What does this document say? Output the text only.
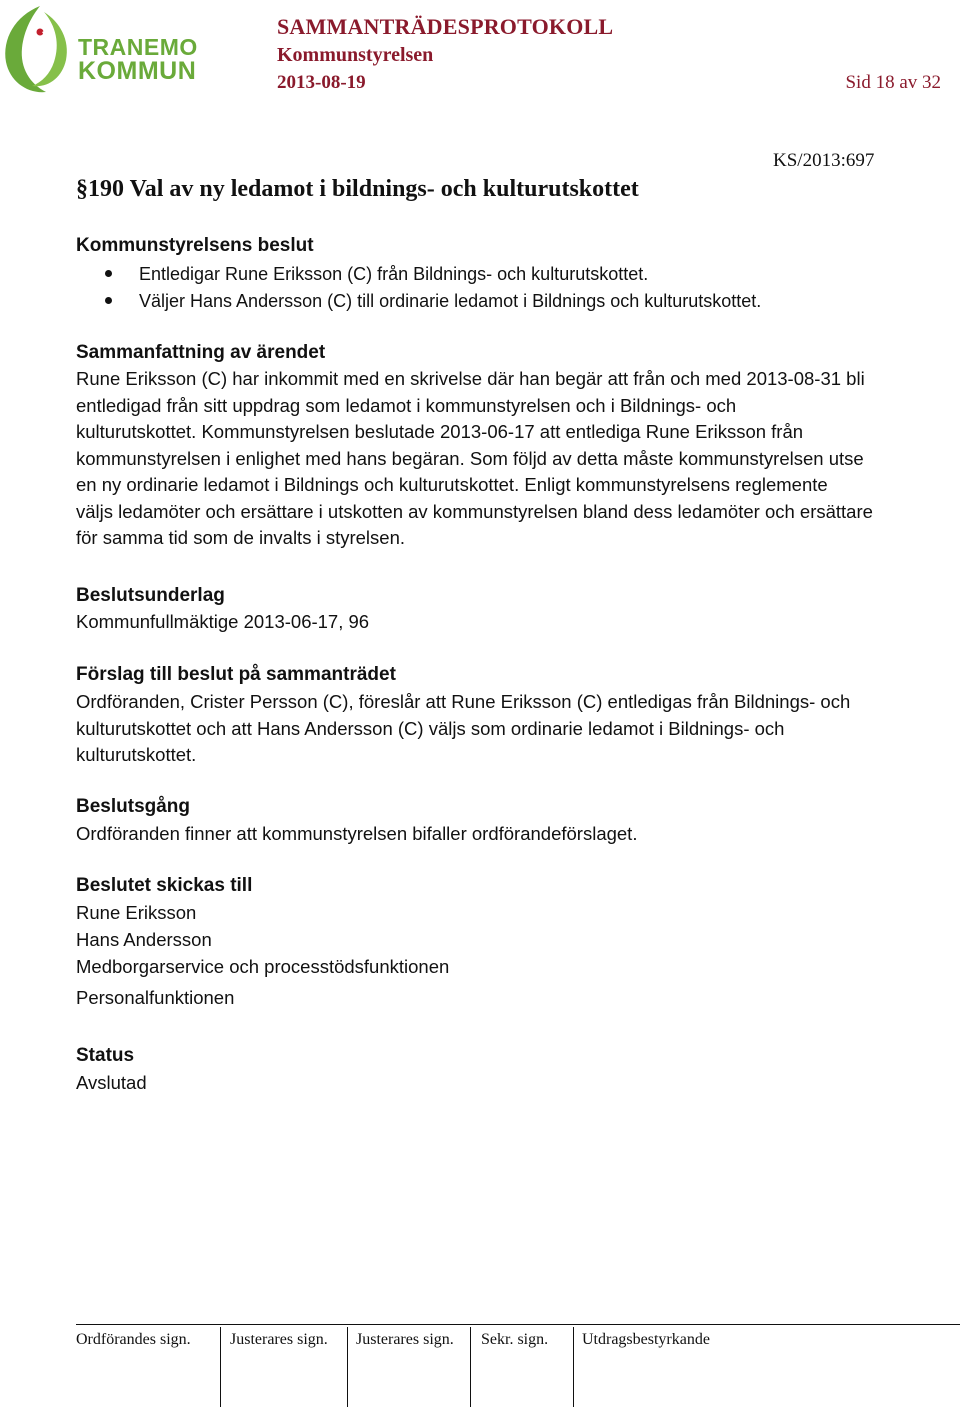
TRANEMO
KOMMUN
SAMMANTRÄDESPROTOKOLL
Kommunstyrelsen
2013-08-19	Sid 18 av 32
KS/2013:697
§190 Val av ny ledamot i bildnings- och kulturutskottet
Kommunstyrelsens beslut
Entledigar Rune Eriksson (C) från Bildnings- och kulturutskottet.
Väljer Hans Andersson (C) till ordinarie ledamot i Bildnings och kulturutskottet.
Sammanfattning av ärendet
Rune Eriksson (C) har inkommit med en skrivelse där han begär att från och med 2013-08-31 bli
entledigad från sitt uppdrag som ledamot i kommunstyrelsen och i Bildnings- och
kulturutskottet. Kommunstyrelsen beslutade 2013-06-17 att entlediga Rune Eriksson från
kommunstyrelsen i enlighet med hans begäran. Som följd av detta måste kommunstyrelsen utse
en ny ordinarie ledamot i Bildnings och kulturutskottet. Enligt kommunstyrelsens reglemente
väljs ledamöter och ersättare i utskotten av kommunstyrelsen bland dess ledamöter och ersättare
för samma tid som de invalts i styrelsen.
Beslutsunderlag
Kommunfullmäktige 2013-06-17, 96
Förslag till beslut på sammanträdet
Ordföranden, Crister Persson (C), föreslår att Rune Eriksson (C) entledigas från Bildnings- och
kulturutskottet och att Hans Andersson (C) väljs som ordinarie ledamot i Bildnings- och
kulturutskottet.
Beslutsgång
Ordföranden finner att kommunstyrelsen bifaller ordförandeförslaget.
Beslutet skickas till
Rune Eriksson
Hans Andersson
Medborgarservice och processtödsfunktionen
Personalfunktionen
Status
Avslutad
Ordförandes sign. Justerares sign. Justerares sign. Sekr. sign. Utdragsbestyrkande
